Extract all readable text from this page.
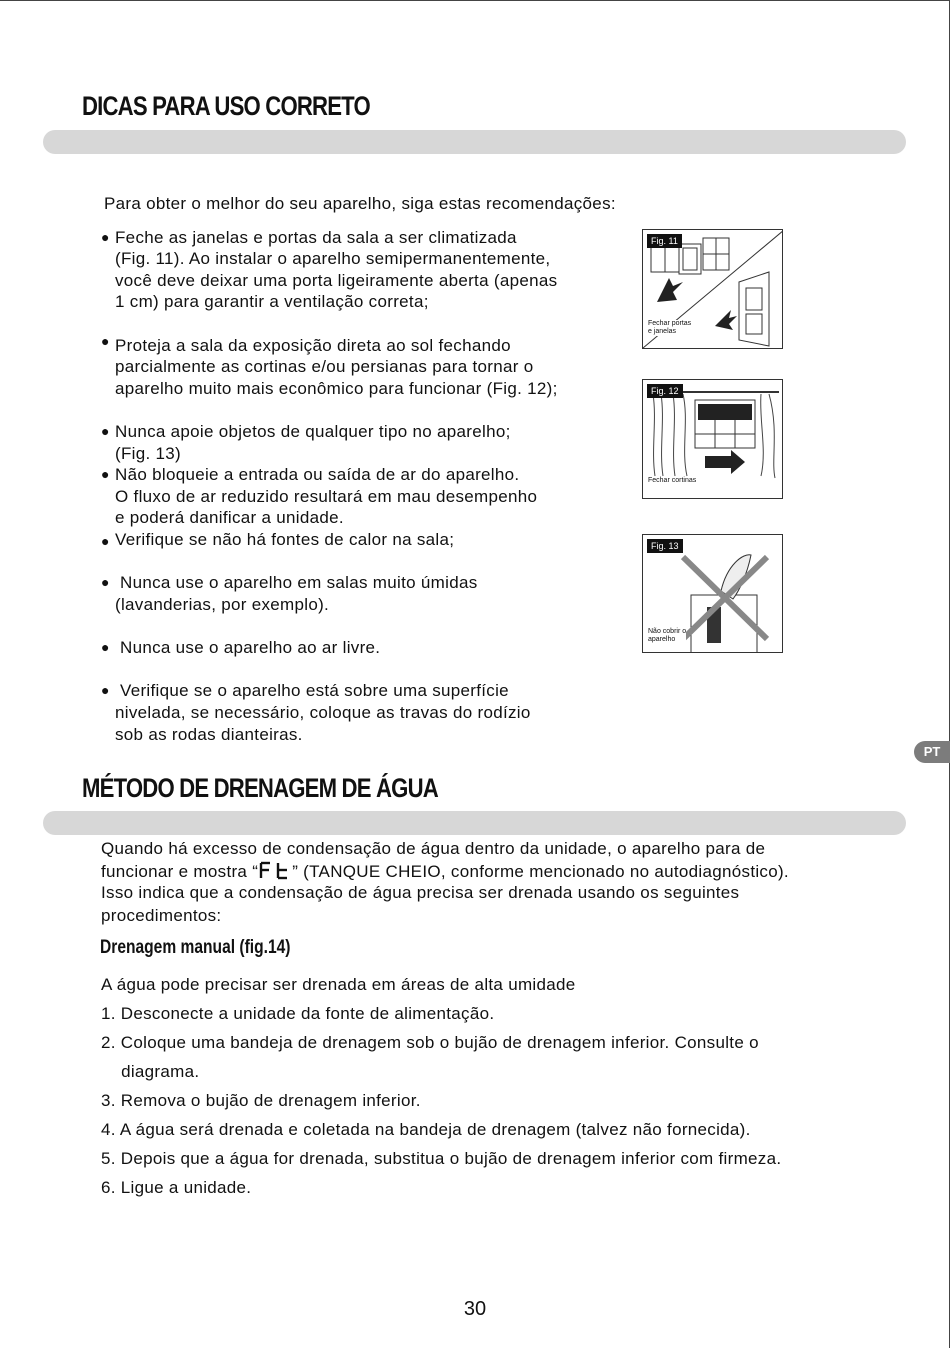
DICAS PARA USO CORRETO
Para obter o melhor do seu aparelho, siga estas recomendações:
● Feche as janelas e portas da sala a ser climatizada
(Fig. 11). Ao instalar o aparelho semipermanentemente,
você deve deixar uma porta ligeiramente aberta (apenas
1 cm) para garantir a ventilação correta;
● Proteja a sala da exposição direta ao sol fechando
parcialmente as cortinas e/ou persianas para tornar o
aparelho muito mais econômico para funcionar (Fig. 12);
● Nunca apoie objetos de qualquer tipo no aparelho;
(Fig. 13)
● Não bloqueie a entrada ou saída de ar do aparelho.
O fluxo de ar reduzido resultará em mau desempenho
e poderá danificar a unidade.
● Verifique se não há fontes de calor na sala;
● Nunca use o aparelho em salas muito úmidas
(lavanderias, por exemplo).
● Nunca use o aparelho ao ar livre.
● Verifique se o aparelho está sobre uma superfície
nivelada, se necessário, coloque as travas do rodízio
sob as rodas dianteiras.
Fig. 11
Fechar portas
e janelas
Fig. 12
Fechar cortinas
Fig. 13
Não cobrir o
aparelho
PT
MÉTODO DE DRENAGEM DE ÁGUA
Quando há excesso de condensação de água dentro da unidade, o aparelho para de
funcionar e mostra “ ” (TANQUE CHEIO, conforme mencionado no autodiagnóstico).
Isso indica que a condensação de água precisa ser drenada usando os seguintes
procedimentos:
Drenagem manual (fig.14)
A água pode precisar ser drenada em áreas de alta umidade
1. Desconecte a unidade da fonte de alimentação.
2. Coloque uma bandeja de drenagem sob o bujão de drenagem inferior. Consulte o
diagrama.
3. Remova o bujão de drenagem inferior.
4. A água será drenada e coletada na bandeja de drenagem (talvez não fornecida).
5. Depois que a água for drenada, substitua o bujão de drenagem inferior com firmeza.
6. Ligue a unidade.
30
